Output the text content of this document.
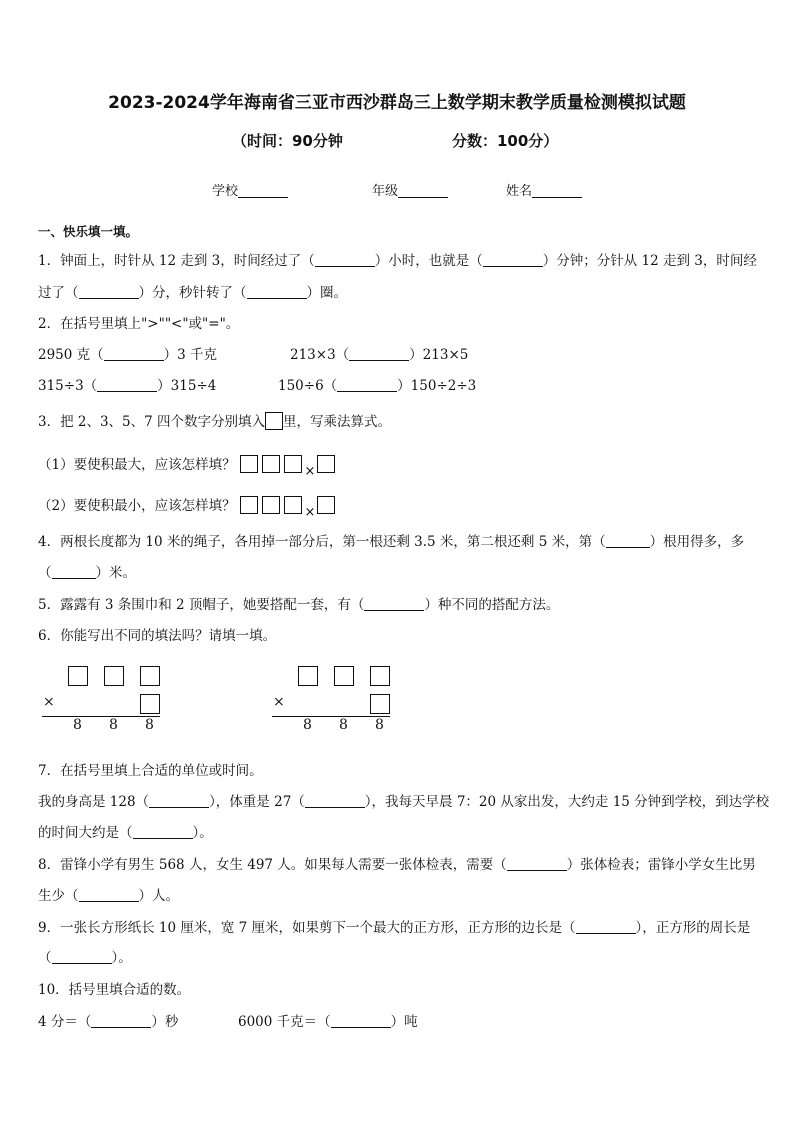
2023-2024学年海南省三亚市西沙群岛三上数学期末教学质量检测模拟试题
（时间：90分钟	分数：100分）
学校	年级	姓名
一、快乐填一填。
1．钟面上，时针从 12 走到 3，时间经过了（	）小时，也就是（	）分钟；分针从 12 走到 3，时间经
过了（	）分，秒针转了（	）圈。
2．在括号里填上">""<"或"="。
2950 克（	）3 千克	213×3（	）213×5
315÷3（	）315÷4	150÷6（	）150÷2÷3
3．把 2、3、5、7 四个数字分别填入 里，写乘法算式。
（1）要使积最大，应该怎样填？	×
（2）要使积最小，应该怎样填？	×
4．两根长度都为 10 米的绳子，各用掉一部分后，第一根还剩 3.5 米，第二根还剩 5 米，第（	）根用得多，多
（	）米。
5．露露有 3 条围巾和 2 顶帽子，她要搭配一套，有（	）种不同的搭配方法。
6．你能写出不同的填法吗？请填一填。
×
8 8 8
×
8 8 8
7．在括号里填上合适的单位或时间。
我的身高是 128（	），体重是 27（	），我每天早晨 7：20 从家出发，大约走 15 分钟到学校，到达学校
的时间大约是（	）。
8．雷锋小学有男生 568 人，女生 497 人。如果每人需要一张体检表，需要（	）张体检表；雷锋小学女生比男
生少（	）人。
9．一张长方形纸长 10 厘米，宽 7 厘米，如果剪下一个最大的正方形，正方形的边长是（	），正方形的周长是
（	）。
10．括号里填合适的数。
4 分＝（	）秒	6000 千克＝（	）吨
